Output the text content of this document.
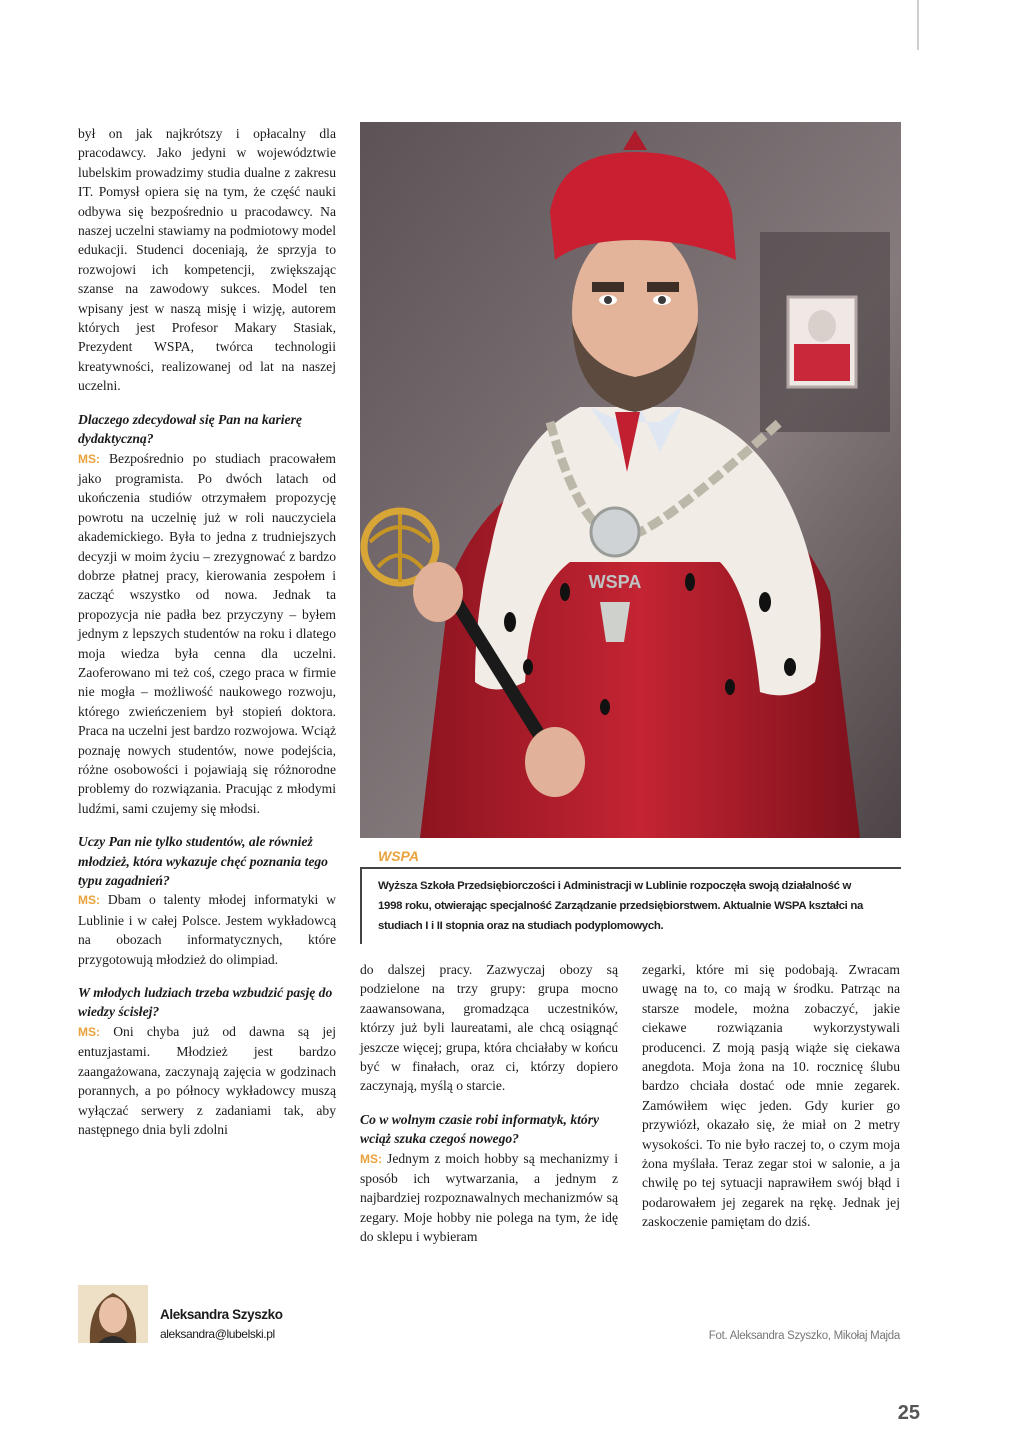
był on jak najkrótszy i opłacalny dla pracodawcy. Jako jedyni w województwie lubelskim prowadzimy studia dualne z zakresu IT. Pomysł opiera się na tym, że część nauki odbywa się bezpośrednio u pracodawcy. Na naszej uczelni stawiamy na podmiotowy model edukacji. Studenci doceniają, że sprzyja to rozwojowi ich kompetencji, zwiększając szanse na zawodowy sukces. Model ten wpisany jest w naszą misję i wizję, autorem których jest Profesor Makary Stasiak, Prezydent WSPA, twórca technologii kreatywności, realizowanej od lat na naszej uczelni.

Dlaczego zdecydował się Pan na karierę dydaktyczną?

MS: Bezpośrednio po studiach pracowałem jako programista. Po dwóch latach od ukończenia studiów otrzymałem propozycję powrotu na uczelnię już w roli nauczyciela akademickiego. Była to jedna z trudniejszych decyzji w moim życiu – zrezygnować z bardzo dobrze płatnej pracy, kierowania zespołem i zacząć wszystko od nowa. Jednak ta propozycja nie padła bez przyczyny – byłem jednym z lepszych studentów na roku i dlatego moja wiedza była cenna dla uczelni. Zaoferowano mi też coś, czego praca w firmie nie mogła – możliwość naukowego rozwoju, którego zwieńczeniem był stopień doktora. Praca na uczelni jest bardzo rozwojowa. Wciąż poznaję nowych studentów, nowe podejścia, różne osobowości i pojawiają się różnorodne problemy do rozwiązania. Pracując z młodymi ludźmi, sami czujemy się młodsi.

Uczy Pan nie tylko studentów, ale również młodzież, która wykazuje chęć poznania tego typu zagadnień?

MS: Dbam o talenty młodej informatyki w Lublinie i w całej Polsce. Jestem wykładowcą na obozach informatycznych, które przygotowują młodzież do olimpiad.

W młodych ludziach trzeba wzbudzić pasję do wiedzy ścisłej?

MS: Oni chyba już od dawna są jej entuzjastami. Młodzież jest bardzo zaangażowana, zaczynają zajęcia w godzinach porannych, a po północy wykładowcy muszą wyłączać serwery z zadaniami tak, aby następnego dnia byli zdolni

WSPA
WSPA
Wyższa Szkoła Przedsiębiorczości i Administracji w Lublinie rozpoczęła swoją działalność w 1998 roku, otwierając specjalność Zarządzanie przedsiębiorstwem. Aktualnie WSPA kształci na studiach I i II stopnia oraz na studiach podyplomowych.

do dalszej pracy. Zazwyczaj obozy są podzielone na trzy grupy: grupa mocno zaawansowana, gromadząca uczestników, którzy już byli laureatami, ale chcą osiągnąć jeszcze więcej; grupa, która chciałaby w końcu być w finałach, oraz ci, którzy dopiero zaczynają, myślą o starcie.

Co w wolnym czasie robi informatyk, który wciąż szuka czegoś nowego?

MS: Jednym z moich hobby są mechanizmy i sposób ich wytwarzania, a jednym z najbardziej rozpoznawalnych mechanizmów są zegary. Moje hobby nie polega na tym, że idę do sklepu i wybieram

zegarki, które mi się podobają. Zwracam uwagę na to, co mają w środku. Patrząc na starsze modele, można zobaczyć, jakie ciekawe rozwiązania wykorzystywali producenci. Z moją pasją wiąże się ciekawa anegdota. Moja żona na 10. rocznicę ślubu bardzo chciała dostać ode mnie zegarek. Zamówiłem więc jeden. Gdy kurier go przywiózł, okazało się, że miał on 2 metry wysokości. To nie było raczej to, o czym moja żona myślała. Teraz zegar stoi w salonie, a ja chwilę po tej sytuacji naprawiłem swój błąd i podarowałem jej zegarek na rękę. Jednak jej zaskoczenie pamiętam do dziś.

Aleksandra Szyszko
aleksandra@lubelski.pl	Fot. Aleksandra Szyszko, Mikołaj Majda
25
